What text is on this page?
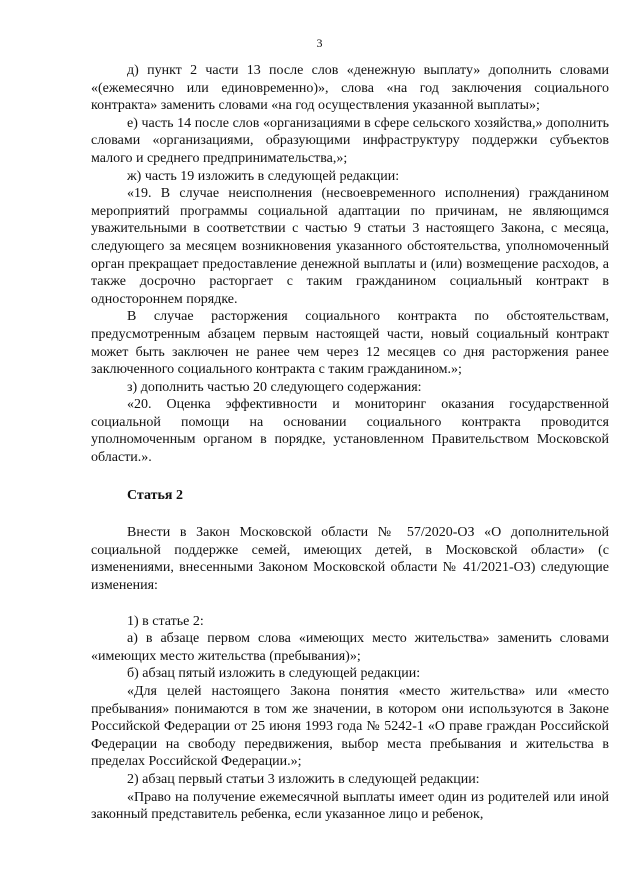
3

д) пункт 2 части 13 после слов «денежную выплату» дополнить словами «(ежемесячно или единовременно)», слова «на год заключения социального контракта» заменить словами «на год осуществления указанной выплаты»;

е) часть 14 после слов «организациями в сфере сельского хозяйства,» дополнить словами «организациями, образующими инфраструктуру поддержки субъектов малого и среднего предпринимательства,»;

ж) часть 19 изложить в следующей редакции:

«19. В случае неисполнения (несвоевременного исполнения) гражданином мероприятий программы социальной адаптации по причинам, не являющимся уважительными в соответствии с частью 9 статьи 3 настоящего Закона, с месяца, следующего за месяцем возникновения указанного обстоятельства, уполномоченный орган прекращает предоставление денежной выплаты и (или) возмещение расходов, а также досрочно расторгает с таким гражданином социальный контракт в одностороннем порядке.

В случае расторжения социального контракта по обстоятельствам, предусмотренным абзацем первым настоящей части, новый социальный контракт может быть заключен не ранее чем через 12 месяцев со дня расторжения ранее заключенного социального контракта с таким гражданином.»;

з) дополнить частью 20 следующего содержания:

«20. Оценка эффективности и мониторинг оказания государственной социальной помощи на основании социального контракта проводится уполномоченным органом в порядке, установленном Правительством Московской области.».

Статья 2

Внести в Закон Московской области № 57/2020-ОЗ «О дополнительной социальной поддержке семей, имеющих детей, в Московской области» (с изменениями, внесенными Законом Московской области № 41/2021-ОЗ) следующие изменения:

1) в статье 2:

а) в абзаце первом слова «имеющих место жительства» заменить словами «имеющих место жительства (пребывания)»;

б) абзац пятый изложить в следующей редакции:

«Для целей настоящего Закона понятия «место жительства» или «место пребывания» понимаются в том же значении, в котором они используются в Законе Российской Федерации от 25 июня 1993 года № 5242-1 «О праве граждан Российской Федерации на свободу передвижения, выбор места пребывания и жительства в пределах Российской Федерации.»;

2) абзац первый статьи 3 изложить в следующей редакции:

«Право на получение ежемесячной выплаты имеет один из родителей или иной законный представитель ребенка, если указанное лицо и ребенок,
